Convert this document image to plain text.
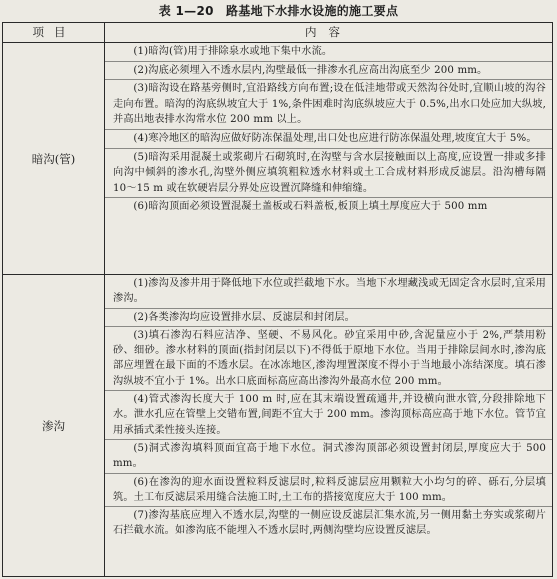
表 1—20　路基地下水排水设施的施工要点
项目	内容
暗沟(管)
(1)暗沟(管)用于排除泉水或地下集中水流。
(2)沟底必须埋入不透水层内,沟壁最低一排渗水孔应高出沟底至少 200 mm。
(3)暗沟设在路基旁侧时,宜沿路线方向布置;设在低洼地带或天然沟谷处时,宜顺山坡的沟谷走向布置。暗沟的沟底纵坡宜大于 1%,条件困难时沟底纵坡应大于 0.5%,出水口处应加大纵坡,并高出地表排水沟常水位 200 mm 以上。
(4)寒冷地区的暗沟应做好防冻保温处理,出口处也应进行防冻保温处理,坡度宜大于 5%。
(5)暗沟采用混凝土或浆砌片石砌筑时,在沟壁与含水层接触面以上高度,应设置一排或多排向沟中倾斜的渗水孔,沟壁外侧应填筑粗粒透水材料或土工合成材料形成反滤层。沿沟槽每隔 10～15 m 或在软硬岩层分界处应设置沉降缝和伸缩缝。
(6)暗沟顶面必须设置混凝土盖板或石料盖板,板顶上填土厚度应大于 500 mm
渗沟
(1)渗沟及渗井用于降低地下水位或拦截地下水。当地下水埋藏浅或无固定含水层时,宜采用渗沟。
(2)各类渗沟均应设置排水层、反滤层和封闭层。
(3)填石渗沟石料应洁净、坚硬、不易风化。砂宜采用中砂,含泥量应小于 2%,严禁用粉砂、细砂。渗水材料的顶面(指封闭层以下)不得低于原地下水位。当用于排除层间水时,渗沟底部应埋置在最下面的不透水层。在冰冻地区,渗沟埋置深度不得小于当地最小冻结深度。填石渗沟纵坡不宜小于 1%。出水口底面标高应高出渗沟外最高水位 200 mm。
(4)管式渗沟长度大于 100 m 时,应在其末端设置疏通井,并设横向泄水管,分段排除地下水。泄水孔应在管壁上交错布置,间距不宜大于 200 mm。渗沟顶标高应高于地下水位。管节宜用承插式柔性接头连接。
(5)洞式渗沟填料顶面宜高于地下水位。洞式渗沟顶部必须设置封闭层,厚度应大于 500 mm。
(6)在渗沟的迎水面设置粒料反滤层时,粒料反滤层应用颗粒大小均匀的碎、砾石,分层填筑。土工布反滤层采用缝合法施工时,土工布的搭接宽度应大于 100 mm。
(7)渗沟基底应埋入不透水层,沟壁的一侧应设反滤层汇集水流,另一侧用黏土夯实或浆砌片石拦截水流。如渗沟底不能埋入不透水层时,两侧沟壁均应设置反滤层。
